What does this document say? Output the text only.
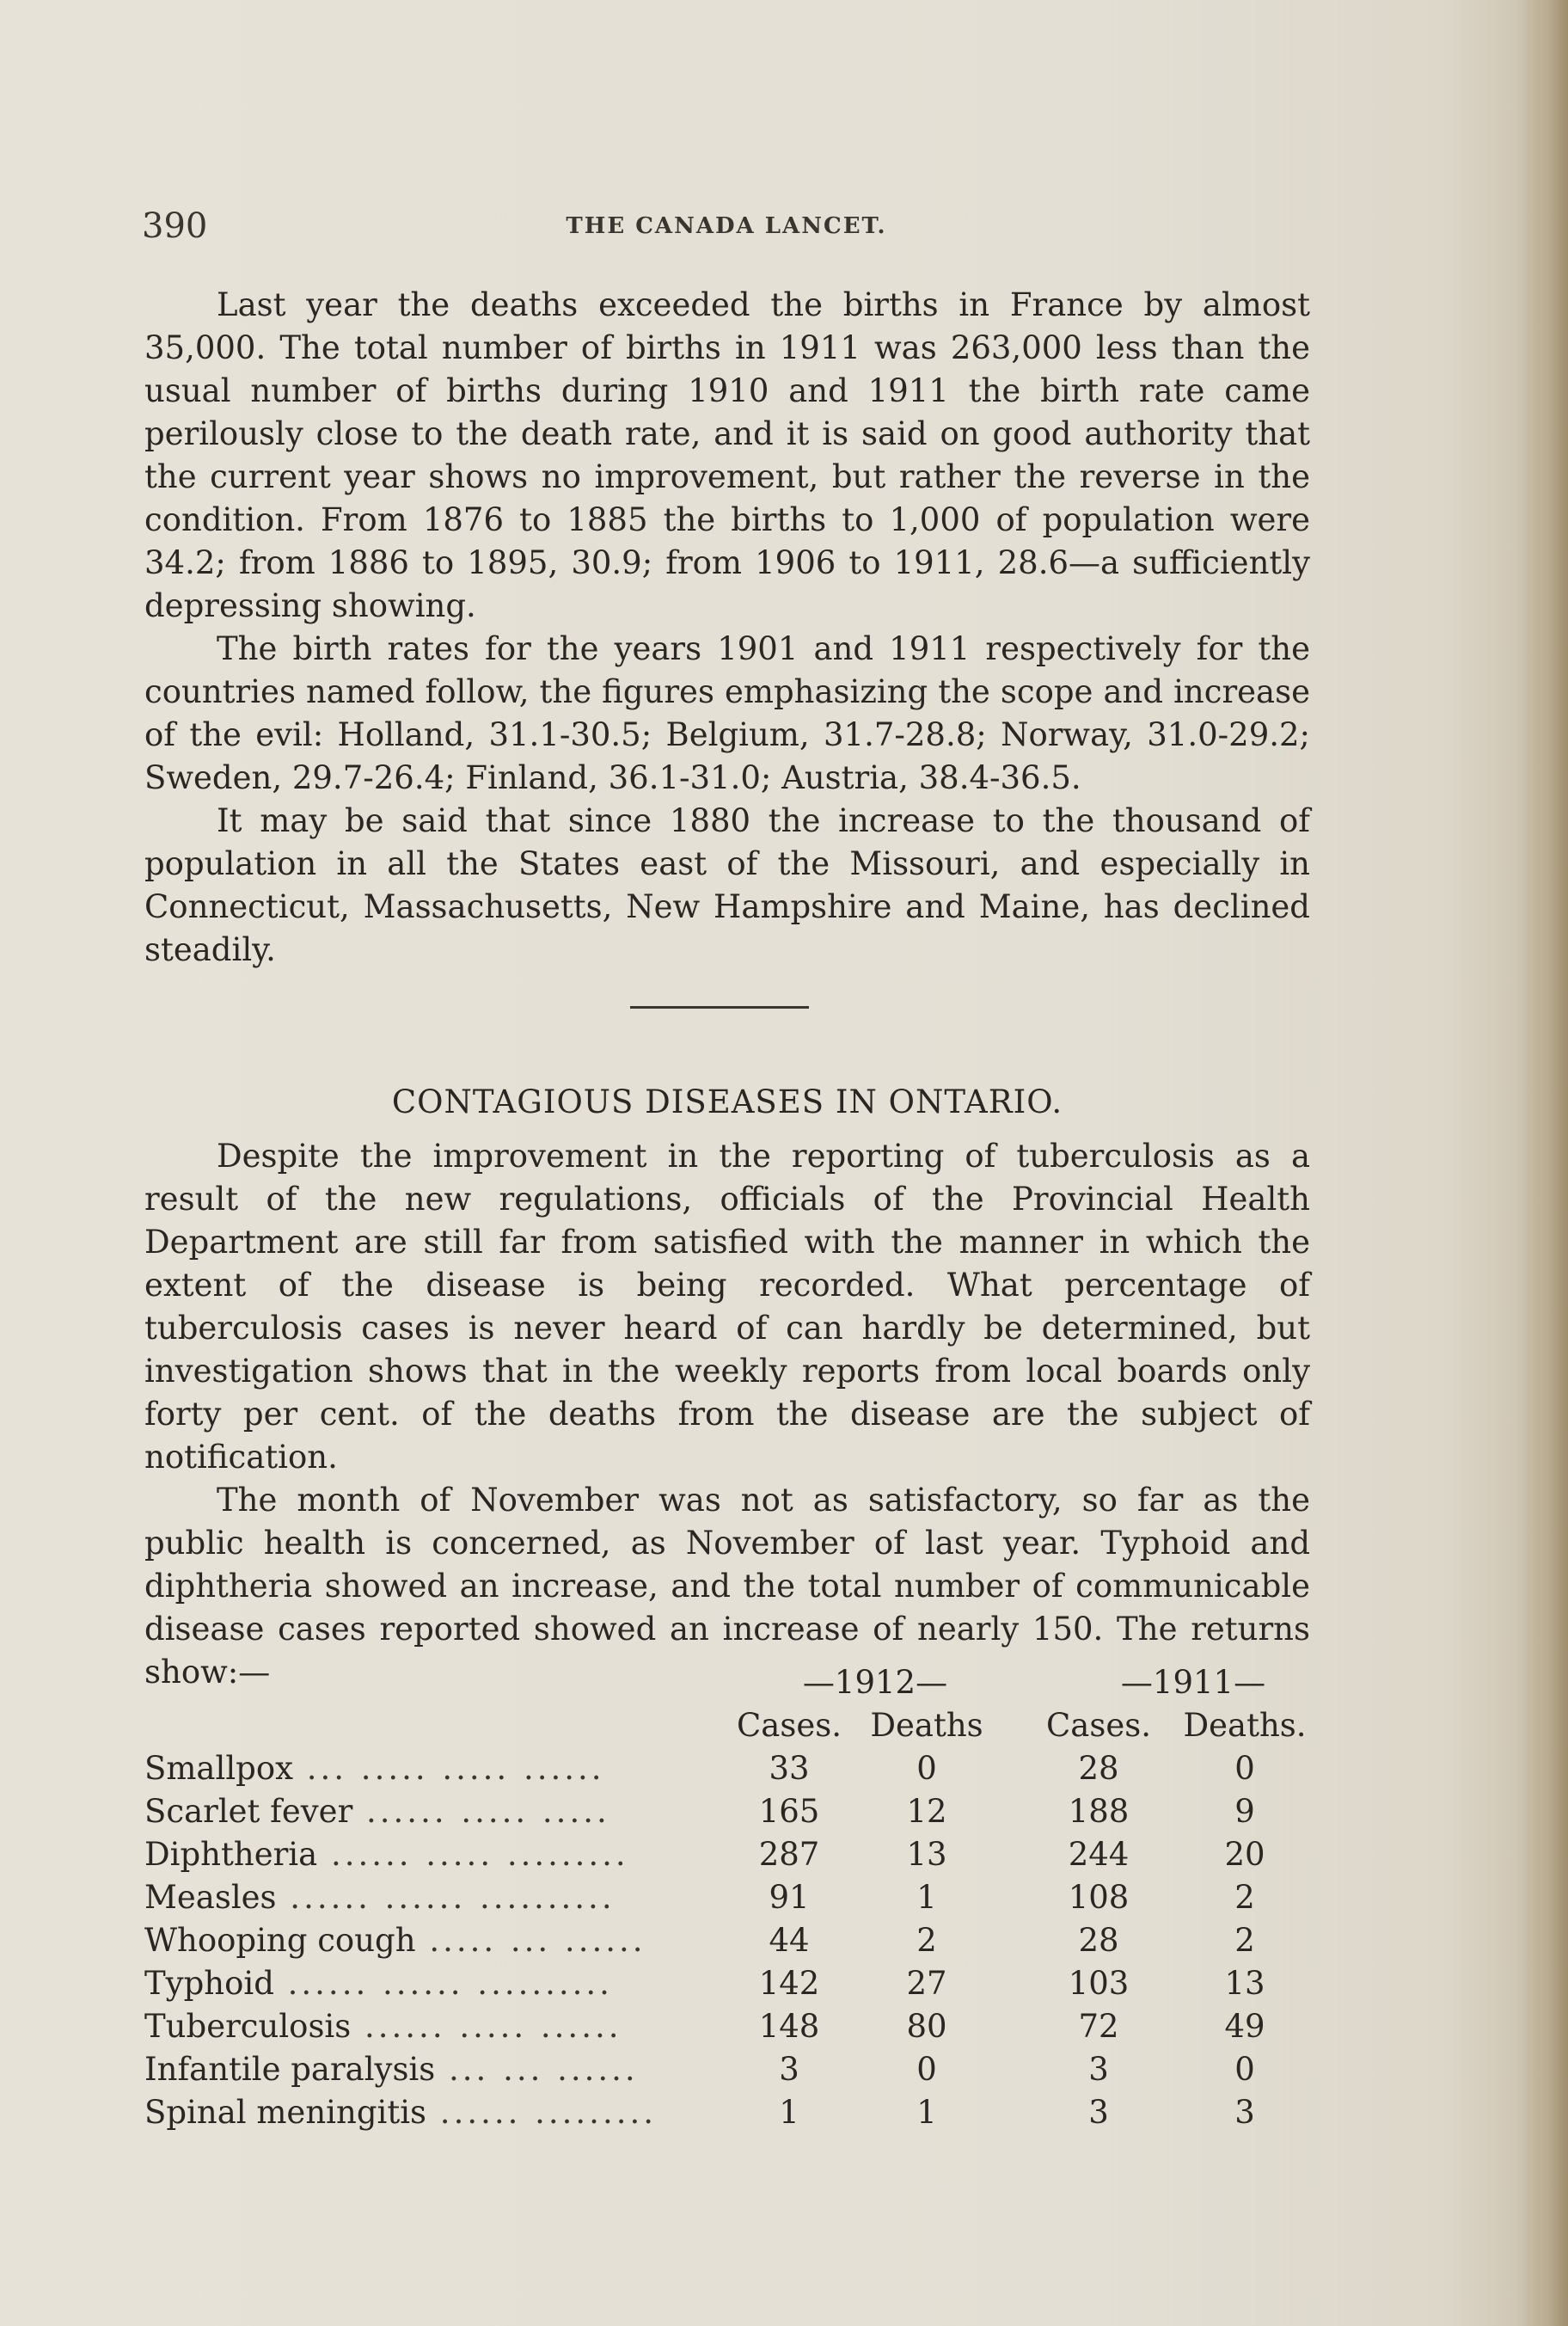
390	THE CANADA LANCET.

Last year the deaths exceeded the births in France by almost 35,000. The total number of births in 1911 was 263,000 less than the usual number of births during 1910 and 1911 the birth rate came perilously close to the death rate, and it is said on good authority that the current year shows no improvement, but rather the reverse in the condition. From 1876 to 1885 the births to 1,000 of population were 34.2; from 1886 to 1895, 30.9; from 1906 to 1911, 28.6—a sufficiently depressing showing.

The birth rates for the years 1901 and 1911 respectively for the countries named follow, the figures emphasizing the scope and increase of the evil: Holland, 31.1-30.5; Belgium, 31.7-28.8; Norway, 31.0-29.2; Sweden, 29.7-26.4; Finland, 36.1-31.0; Austria, 38.4-36.5.

It may be said that since 1880 the increase to the thousand of population in all the States east of the Missouri, and especially in Connecticut, Massachusetts, New Hampshire and Maine, has declined steadily.

CONTAGIOUS DISEASES IN ONTARIO.

Despite the improvement in the reporting of tuberculosis as a result of the new regulations, officials of the Provincial Health Department are still far from satisfied with the manner in which the extent of the disease is being recorded. What percentage of tuberculosis cases is never heard of can hardly be determined, but investigation shows that in the weekly reports from local boards only forty per cent. of the deaths from the disease are the subject of notification.

The month of November was not as satisfactory, so far as the public health is concerned, as November of last year. Typhoid and diphtheria showed an increase, and the total number of communicable disease cases reported showed an increase of nearly 150. The returns show:—	—1912—	—1911—
Cases. Deaths	Cases.	Deaths.
Smallpox ... ..... ..... ......	33	0	28	0
Scarlet fever ...... ..... .....	165	12	188	9
Diphtheria ...... ..... .........	287	13	244	20
Measles ...... ...... ..........	91	1	108	2
Whooping cough ..... ... ......	44	2	28	2
Typhoid ...... ...... ..........	142	27	103	13
Tuberculosis ...... ..... ......	148	80	72	49
Infantile paralysis ... ... ......	3	0	3	0
Spinal meningitis ...... .........	1	1	3	3
